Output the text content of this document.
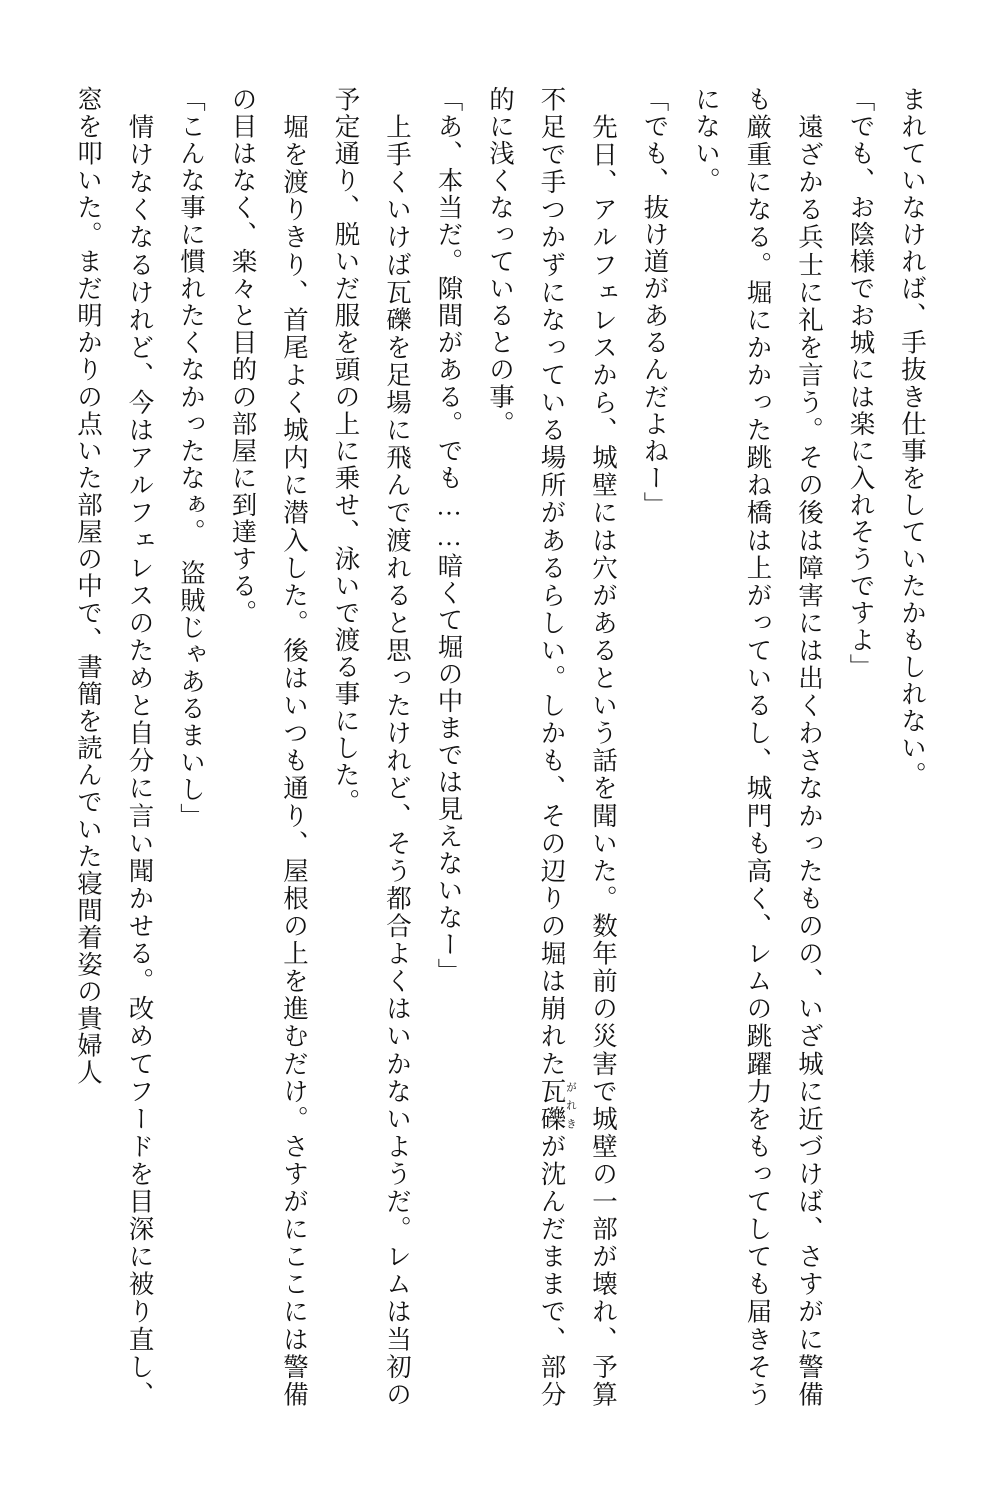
まれていなければ、手抜き仕事をしていたかもしれない。

「でも、お陰様でお城には楽に入れそうですよ」

　遠ざかる兵士に礼を言う。その後は障害には出くわさなかったものの、いざ城に近づけば、さすがに警備も厳重になる。堀にかかった跳ね橋は上がっているし、城門も高く、レムの跳躍力をもってしても届きそうにない。

「でも、抜け道があるんだよねー」

　先日、アルフェレスから、城壁には穴があるという話を聞いた。数年前の災害で城壁の一部が壊れ、予算不足で手つかずになっている場所があるらしい。しかも、その辺りの堀は崩れた瓦礫がれきが沈んだままで、部分的に浅くなっているとの事。

「あ、本当だ。隙間がある。でも……暗くて堀の中までは見えないなー」

　上手くいけば瓦礫を足場に飛んで渡れると思ったけれど、そう都合よくはいかないようだ。レムは当初の予定通り、脱いだ服を頭の上に乗せ、泳いで渡る事にした。

　堀を渡りきり、首尾よく城内に潜入した。後はいつも通り、屋根の上を進むだけ。さすがにここには警備の目はなく、楽々と目的の部屋に到達する。

「こんな事に慣れたくなかったなぁ。　盗賊じゃあるまいし」

　情けなくなるけれど、今はアルフェレスのためと自分に言い聞かせる。改めてフードを目深に被り直し、窓を叩いた。まだ明かりの点いた部屋の中で、書簡を読んでいた寝間着姿の貴婦人
